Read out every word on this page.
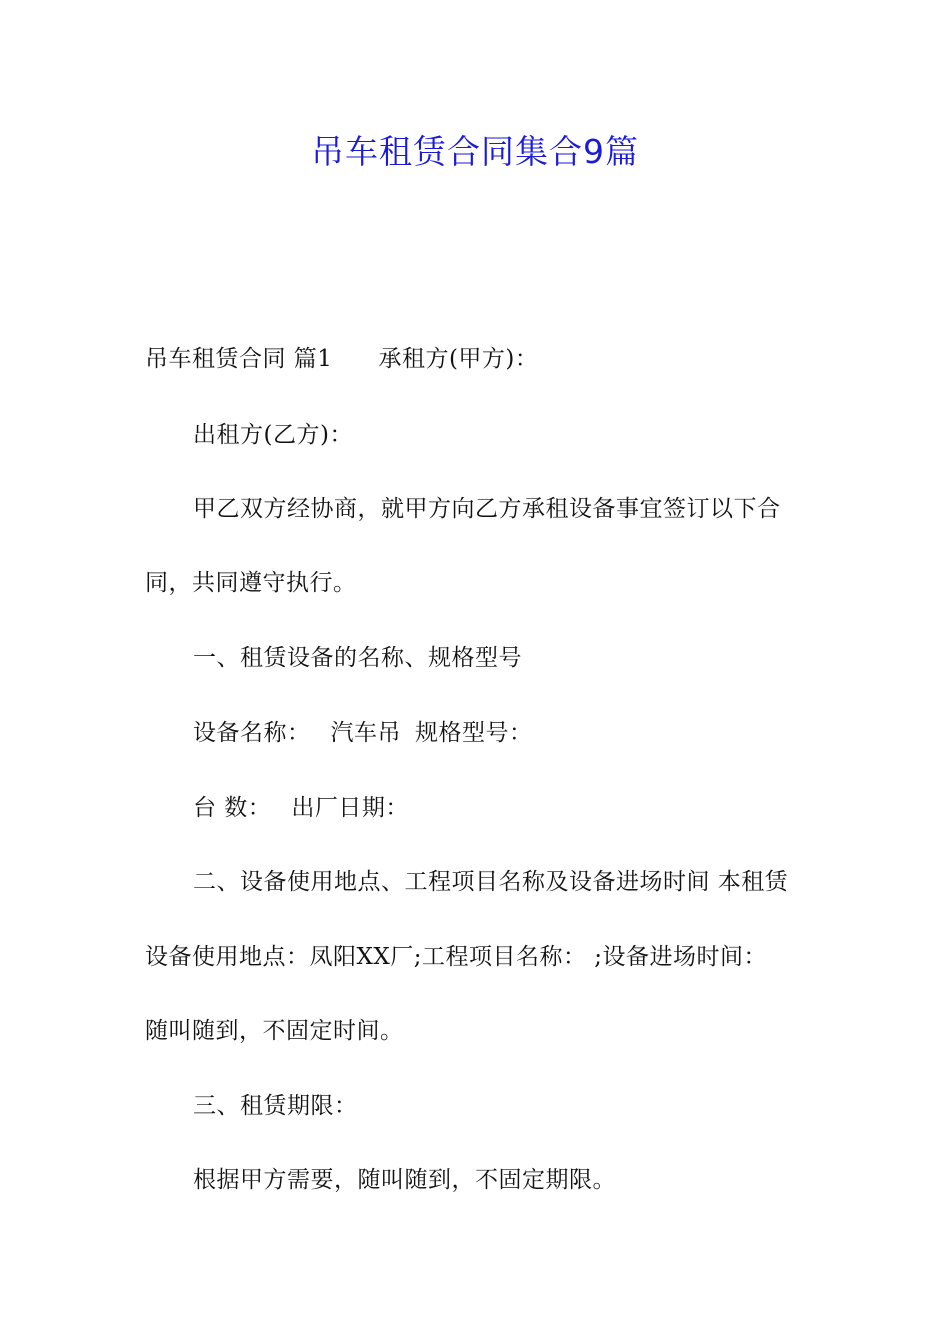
吊车租赁合同集合9篇
吊车租赁合同 篇1 承租方(甲方)：
出租方(乙方)：
甲乙双方经协商，就甲方向乙方承租设备事宜签订以下合
同，共同遵守执行。
一、租赁设备的名称、规格型号
设备名称： 汽车吊 规格型号：
台 数： 出厂日期：
二、设备使用地点、工程项目名称及设备进场时间 本租赁
设备使用地点：凤阳XX厂;工程项目名称： ;设备进场时间：
随叫随到，不固定时间。
三、租赁期限：
根据甲方需要，随叫随到，不固定期限。
